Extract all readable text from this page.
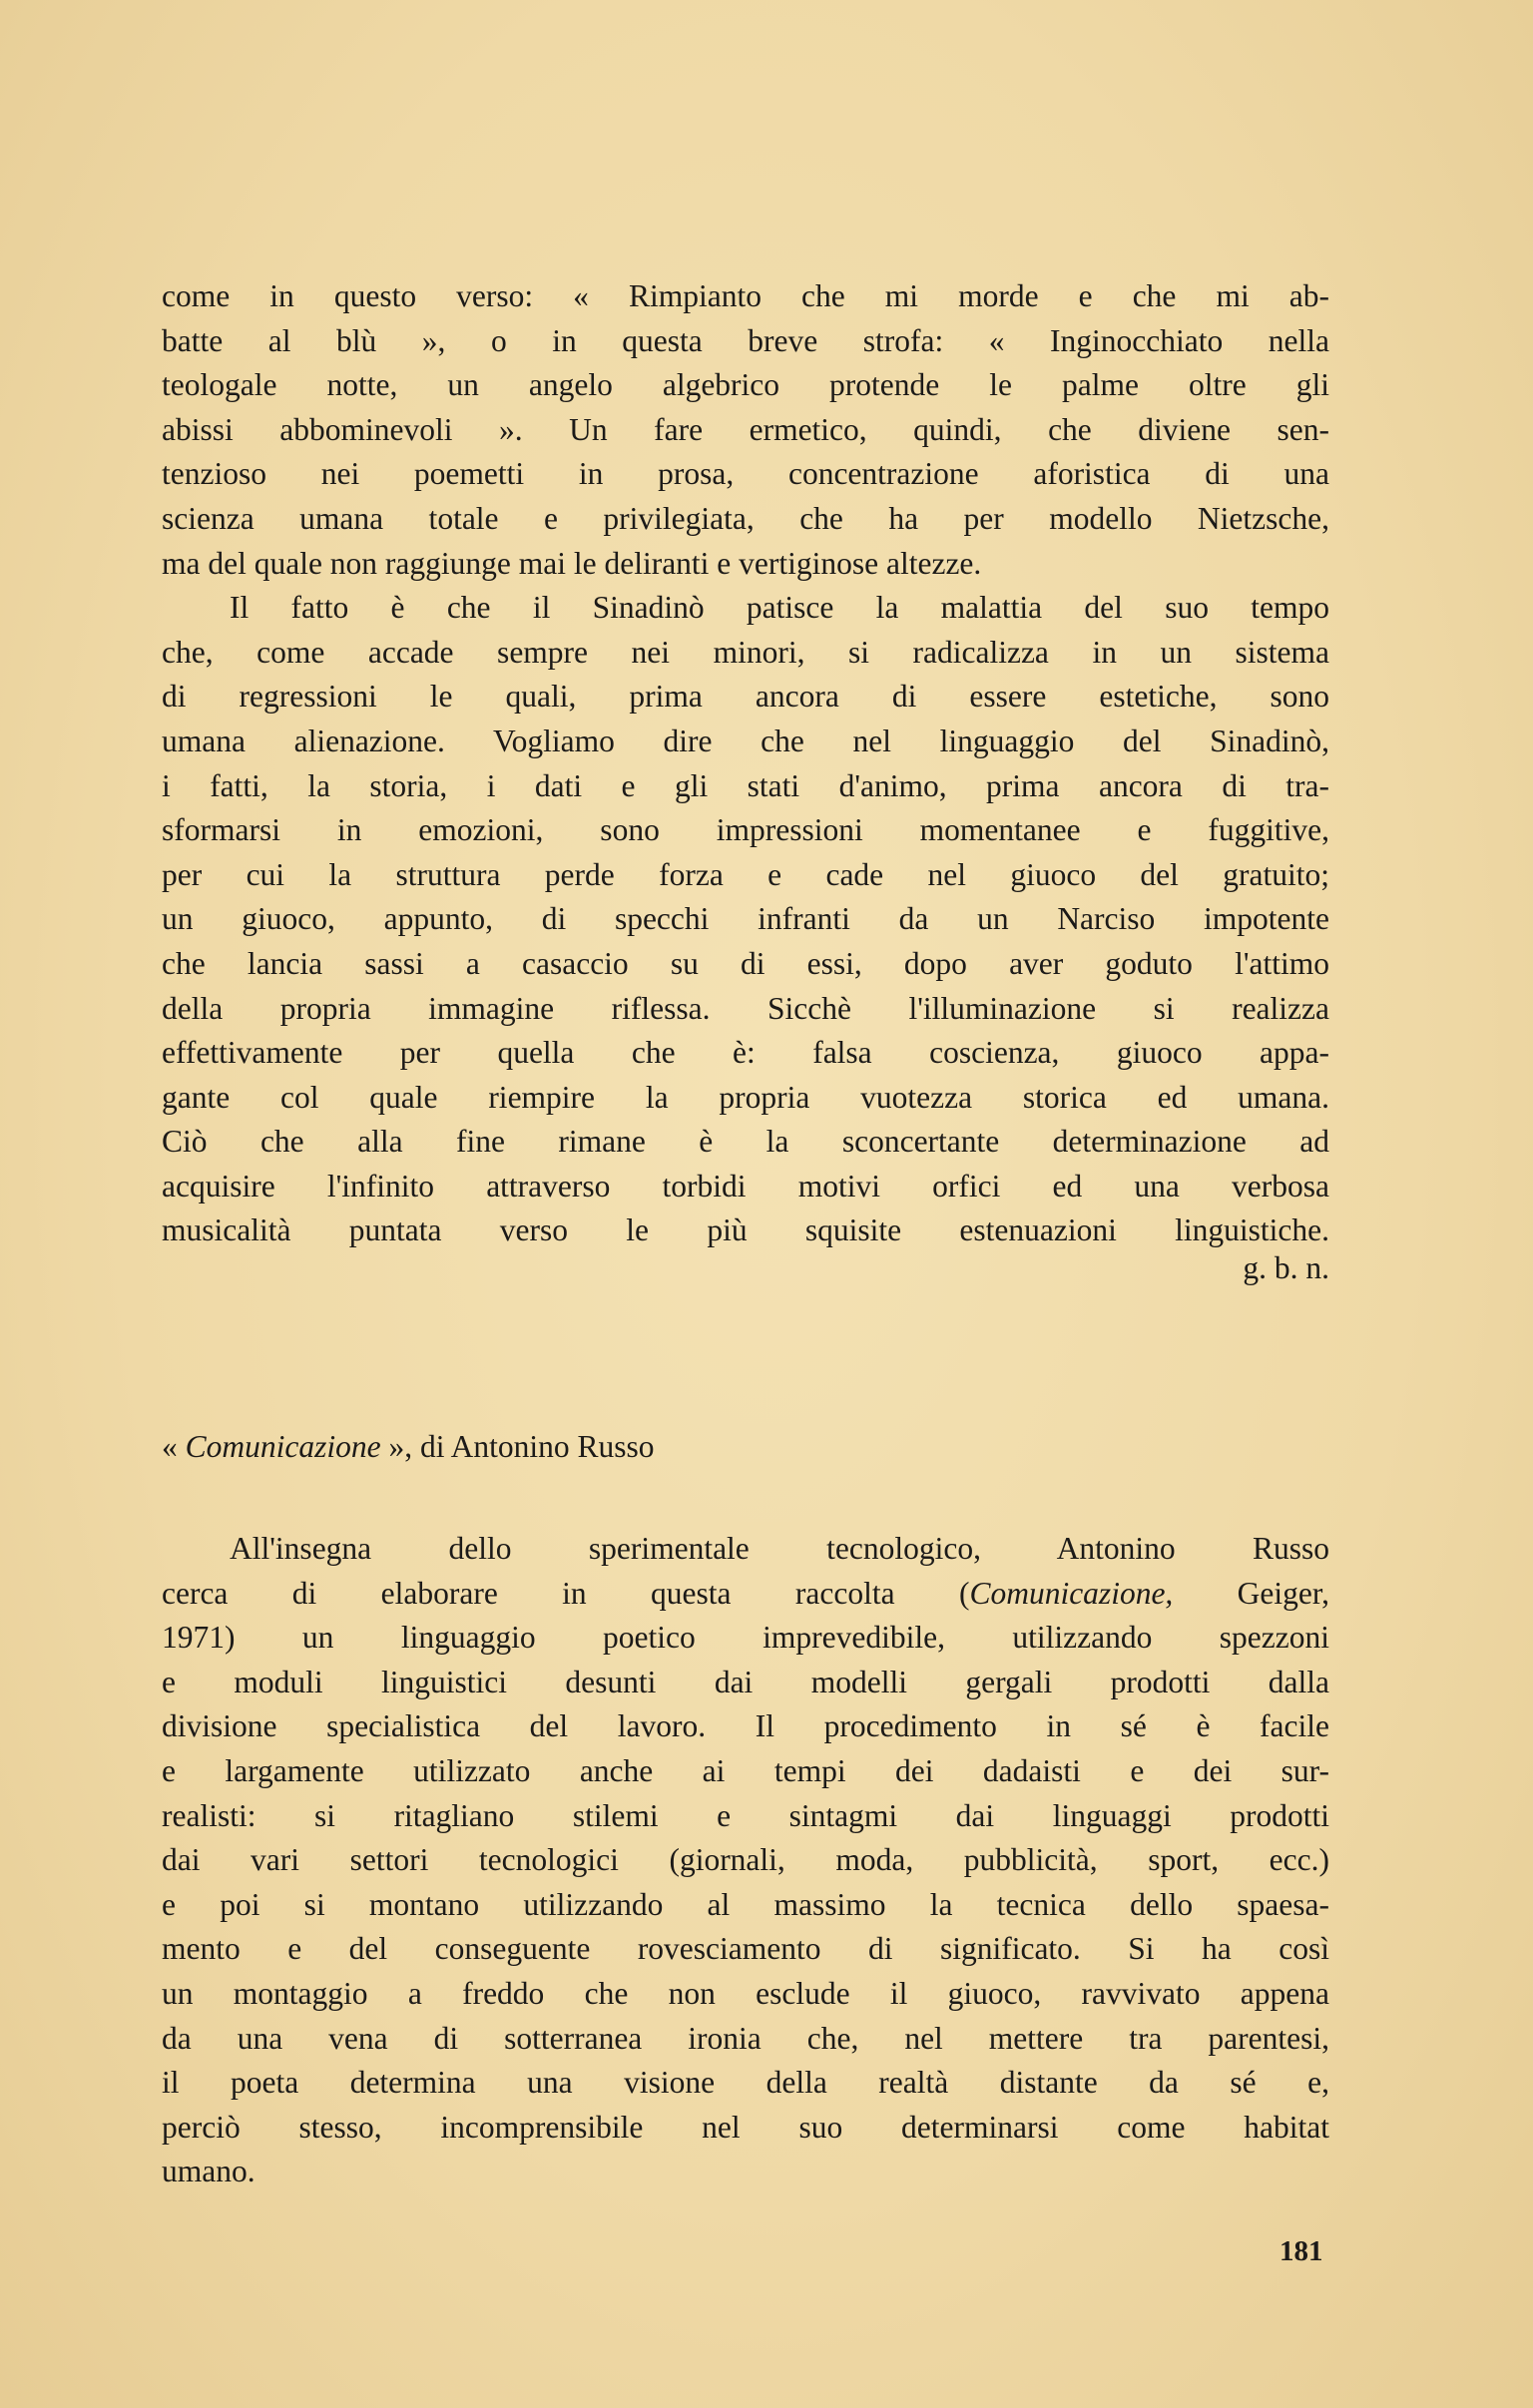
come in questo verso: « Rimpianto che mi morde e che mi ab-
batte al blù », o in questa breve strofa: « Inginocchiato nella
teologale notte, un angelo algebrico protende le palme oltre gli
abissi abbominevoli ». Un fare ermetico, quindi, che diviene sen-
tenzioso nei poemetti in prosa, concentrazione aforistica di una
scienza umana totale e privilegiata, che ha per modello Nietzsche,
ma del quale non raggiunge mai le deliranti e vertiginose altezze.
Il fatto è che il Sinadinò patisce la malattia del suo tempo
che, come accade sempre nei minori, si radicalizza in un sistema
di regressioni le quali, prima ancora di essere estetiche, sono
umana alienazione. Vogliamo dire che nel linguaggio del Sinadinò,
i fatti, la storia, i dati e gli stati d'animo, prima ancora di tra-
sformarsi in emozioni, sono impressioni momentanee e fuggitive,
per cui la struttura perde forza e cade nel giuoco del gratuito;
un giuoco, appunto, di specchi infranti da un Narciso impotente
che lancia sassi a casaccio su di essi, dopo aver goduto l'attimo
della propria immagine riflessa. Sicchè l'illuminazione si realizza
effettivamente per quella che è: falsa coscienza, giuoco appa-
gante col quale riempire la propria vuotezza storica ed umana.
Ciò che alla fine rimane è la sconcertante determinazione ad
acquisire l'infinito attraverso torbidi motivi orfici ed una verbosa
musicalità puntata verso le più squisite estenuazioni linguistiche.
g. b. n.
« Comunicazione », di Antonino Russo
All'insegna dello sperimentale tecnologico, Antonino Russo
cerca di elaborare in questa raccolta (Comunicazione, Geiger,
1971) un linguaggio poetico imprevedibile, utilizzando spezzoni
e moduli linguistici desunti dai modelli gergali prodotti dalla
divisione specialistica del lavoro. Il procedimento in sé è facile
e largamente utilizzato anche ai tempi dei dadaisti e dei sur-
realisti: si ritagliano stilemi e sintagmi dai linguaggi prodotti
dai vari settori tecnologici (giornali, moda, pubblicità, sport, ecc.)
e poi si montano utilizzando al massimo la tecnica dello spaesa-
mento e del conseguente rovesciamento di significato. Si ha così
un montaggio a freddo che non esclude il giuoco, ravvivato appena
da una vena di sotterranea ironia che, nel mettere tra parentesi,
il poeta determina una visione della realtà distante da sé e,
perciò stesso, incomprensibile nel suo determinarsi come habitat
umano.
181
